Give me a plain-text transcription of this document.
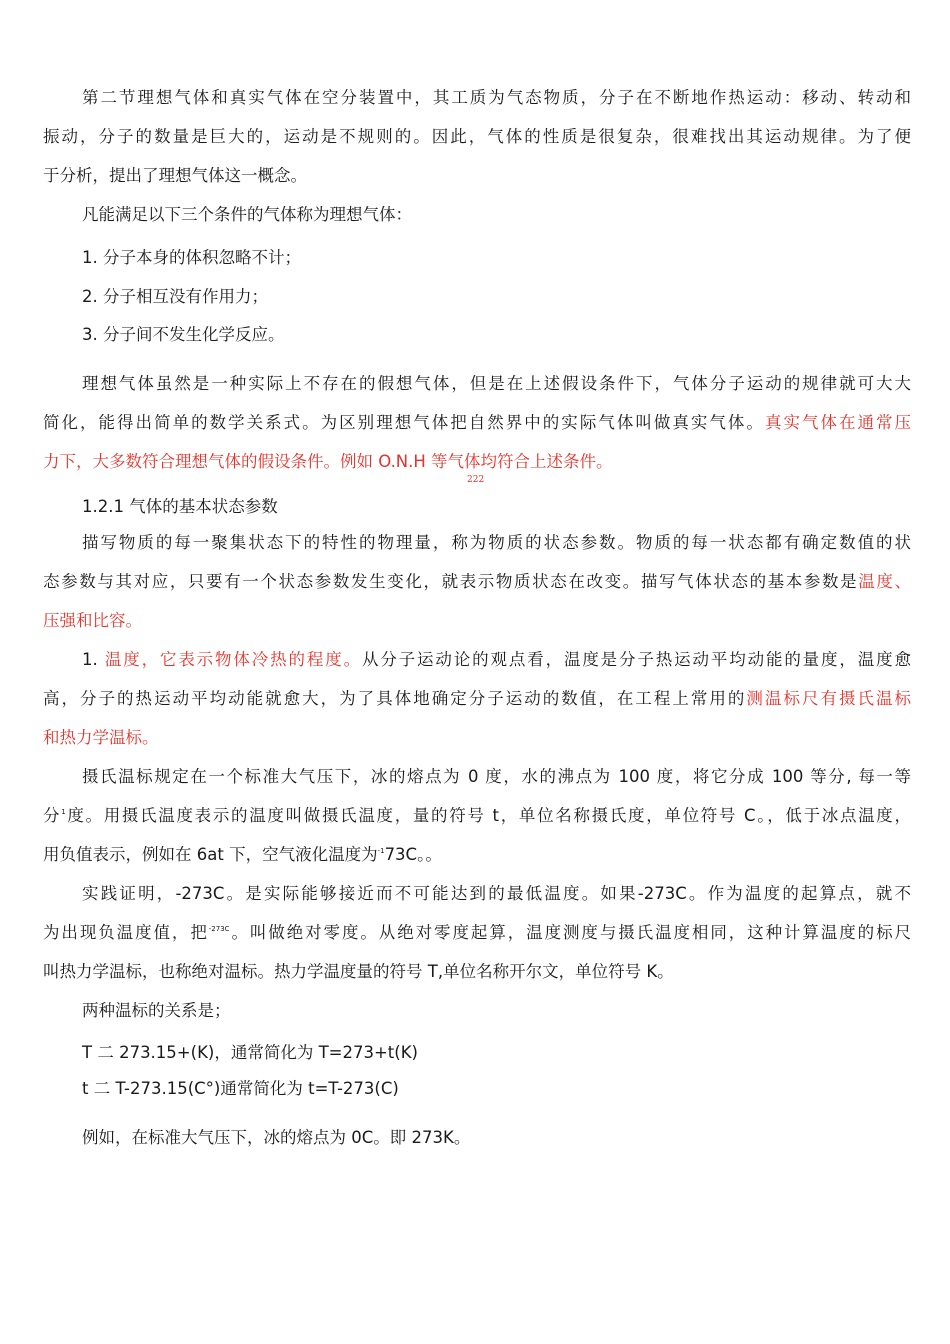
第二节理想气体和真实气体在空分装置中，其工质为气态物质，分子在不断地作热运动：移动、转动和
振动，分子的数量是巨大的，运动是不规则的。因此，气体的性质是很复杂，很难找出其运动规律。为了便
于分析，提出了理想气体这一概念。
凡能满足以下三个条件的气体称为理想气体：
1. 分子本身的体积忽略不计；
2. 分子相互没有作用力；
3. 分子间不发生化学反应。
理想气体虽然是一种实际上不存在的假想气体，但是在上述假设条件下，气体分子运动的规律就可大大
简化，能得出简单的数学关系式。为区别理想气体把自然界中的实际气体叫做真实气体。真实气体在通常压
力下，大多数符合理想气体的假设条件。例如 O.N.H 等气体均符合上述条件。
222
1.2.1 气体的基本状态参数
描写物质的每一聚集状态下的特性的物理量，称为物质的状态参数。物质的每一状态都有确定数值的状
态参数与其对应，只要有一个状态参数发生变化，就表示物质状态在改变。描写气体状态的基本参数是温度、
压强和比容。
1. 温度，它表示物体冷热的程度。从分子运动论的观点看，温度是分子热运动平均动能的量度，温度愈
高，分子的热运动平均动能就愈大，为了具体地确定分子运动的数值，在工程上常用的测温标尺有摄氏温标
和热力学温标。
摄氏温标规定在一个标准大气压下，冰的熔点为 0 度，水的沸点为 100 度，将它分成 100 等分, 每一等
分$^1$度。用摄氏温度表示的温度叫做摄氏温度，量的符号 t，单位名称摄氏度，单位符号 C。，低于冰点温度，
用负值表示，例如在 6at 下，空气液化温度为$^{-1}$73C。。
实践证明，-273C。是实际能够接近而不可能达到的最低温度。如果-273C。作为温度的起算点，就不
为出现负温度值，把$^{-273C}$。叫做绝对零度。从绝对零度起算，温度测度与摄氏温度相同，这种计算温度的标尺
叫热力学温标，也称绝对温标。热力学温度量的符号 T,单位名称开尔文，单位符号 K。
两种温标的关系是；
T 二 273.15+(K)，通常简化为 T=273+t(K)
t 二 T-273.15(C°)通常简化为 t=T-273(C)
例如，在标准大气压下，冰的熔点为 0C。即 273K。
